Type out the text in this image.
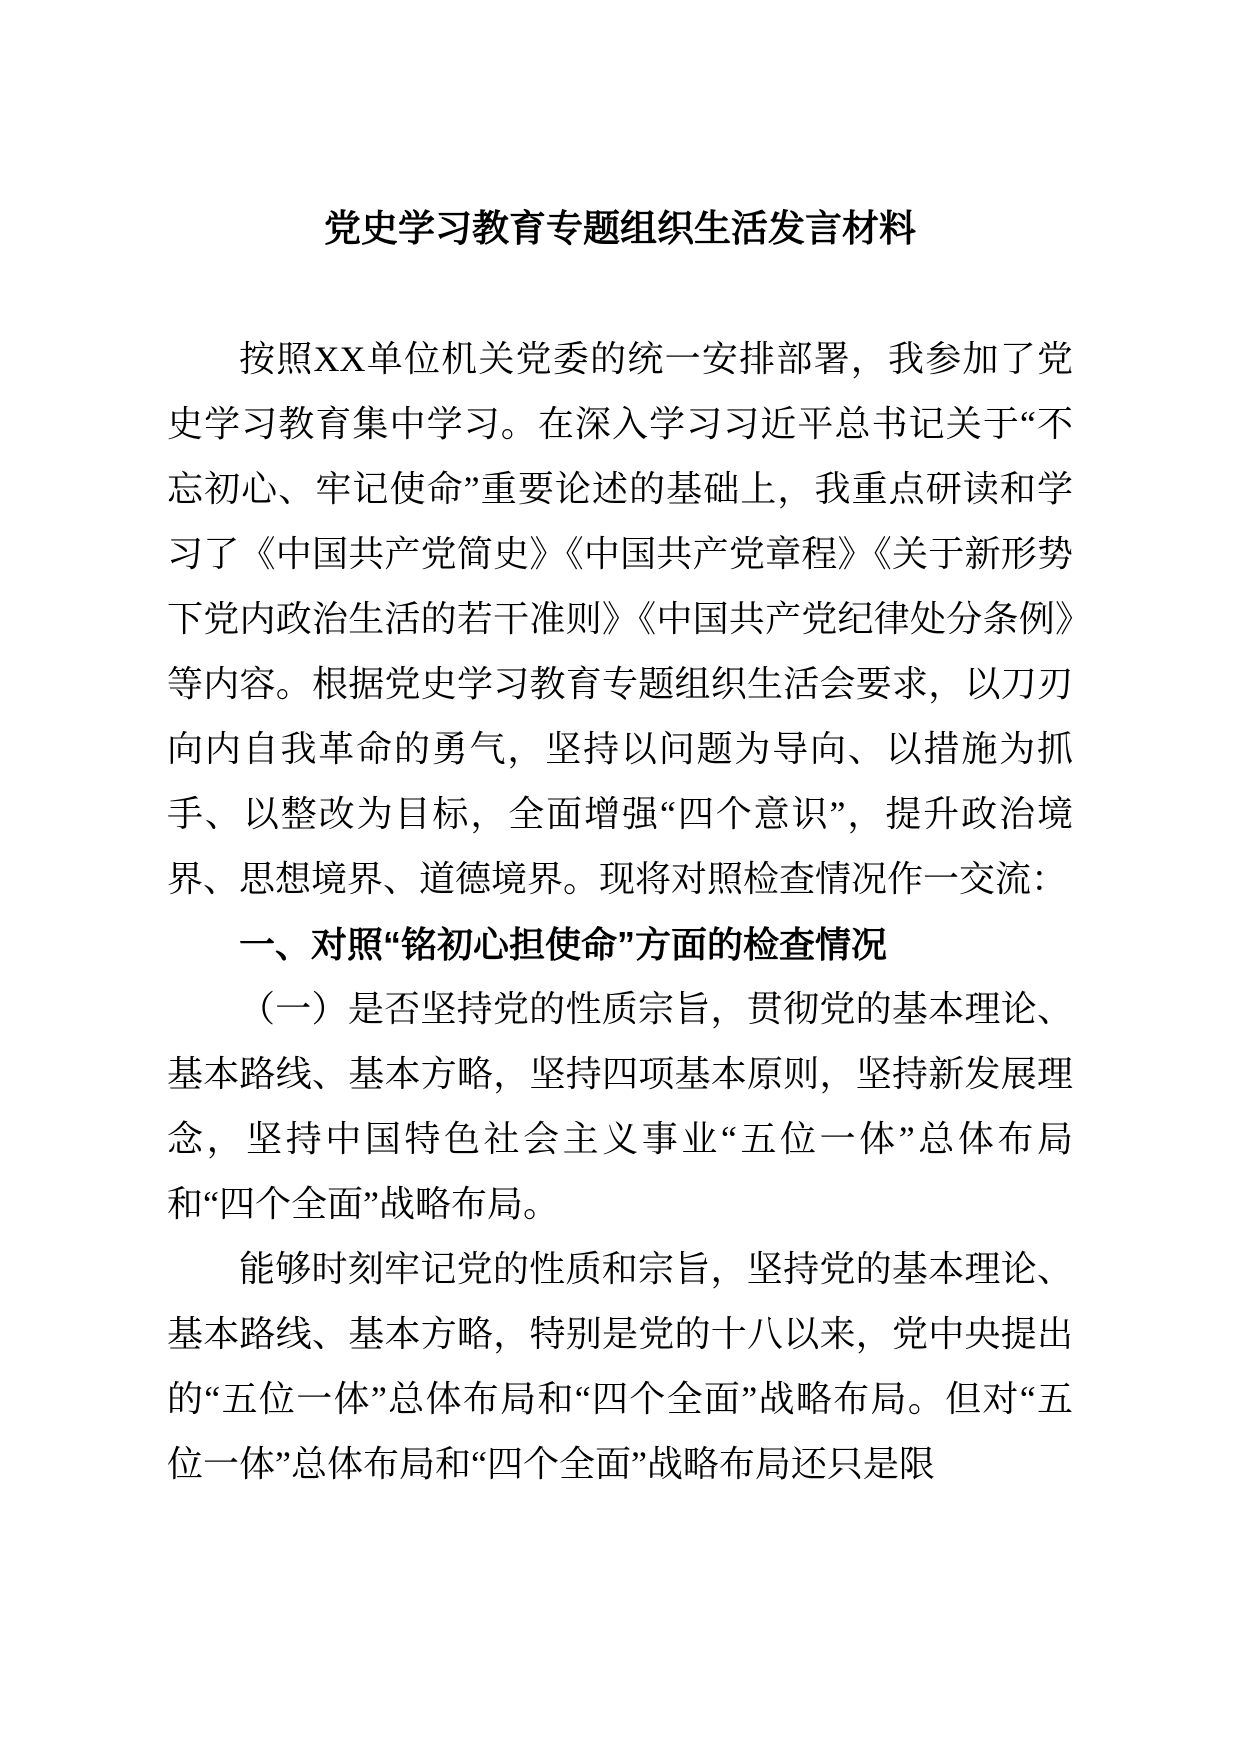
党史学习教育专题组织生活发言材料

按照XX单位机关党委的统一安排部署，我参加了党史学习教育集中学习。在深入学习习近平总书记关于“不忘初心、牢记使命”重要论述的基础上，我重点研读和学习了《中国共产党简史》《中国共产党章程》《关于新形势下党内政治生活的若干准则》《中国共产党纪律处分条例》等内容。根据党史学习教育专题组织生活会要求，以刀刃向内自我革命的勇气，坚持以问题为导向、以措施为抓手、以整改为目标，全面增强“四个意识”，提升政治境界、思想境界、道德境界。现将对照检查情况作一交流：

一、对照“铭初心担使命”方面的检查情况

（一）是否坚持党的性质宗旨，贯彻党的基本理论、基本路线、基本方略，坚持四项基本原则，坚持新发展理念，坚持中国特色社会主义事业“五位一体”总体布局和“四个全面”战略布局。

能够时刻牢记党的性质和宗旨，坚持党的基本理论、基本路线、基本方略，特别是党的十八以来，党中央提出的“五位一体”总体布局和“四个全面”战略布局。但对“五位一体”总体布局和“四个全面”战略布局还只是限
